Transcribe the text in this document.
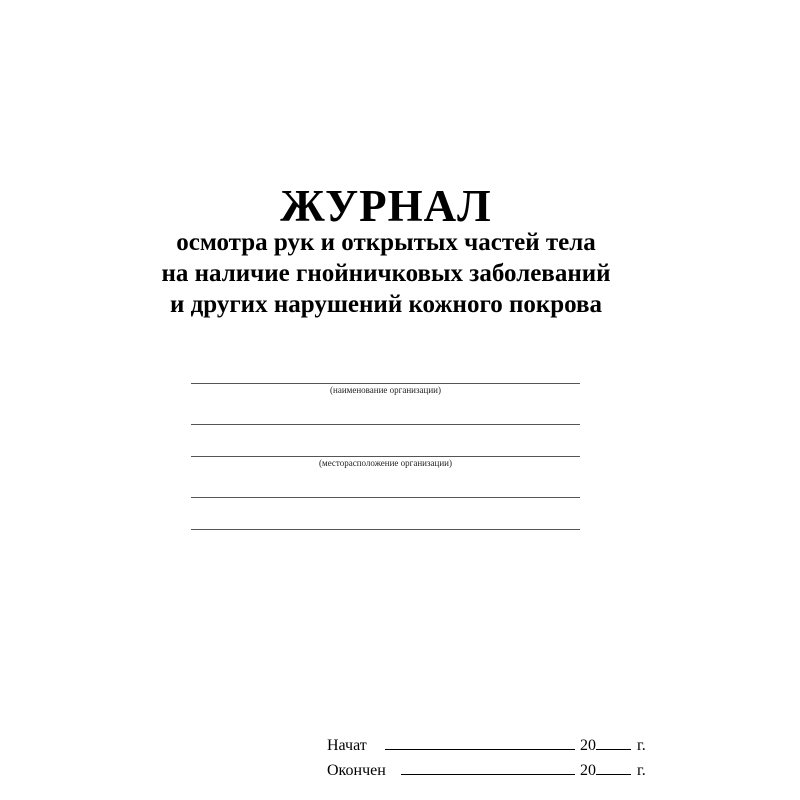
ЖУРНАЛ
осмотра рук и открытых частей тела
на наличие гнойничковых заболеваний
и других нарушений кожного покрова
(наименование организации)
(месторасположение организации)
Начат	20	г.
Окончен	20	г.
